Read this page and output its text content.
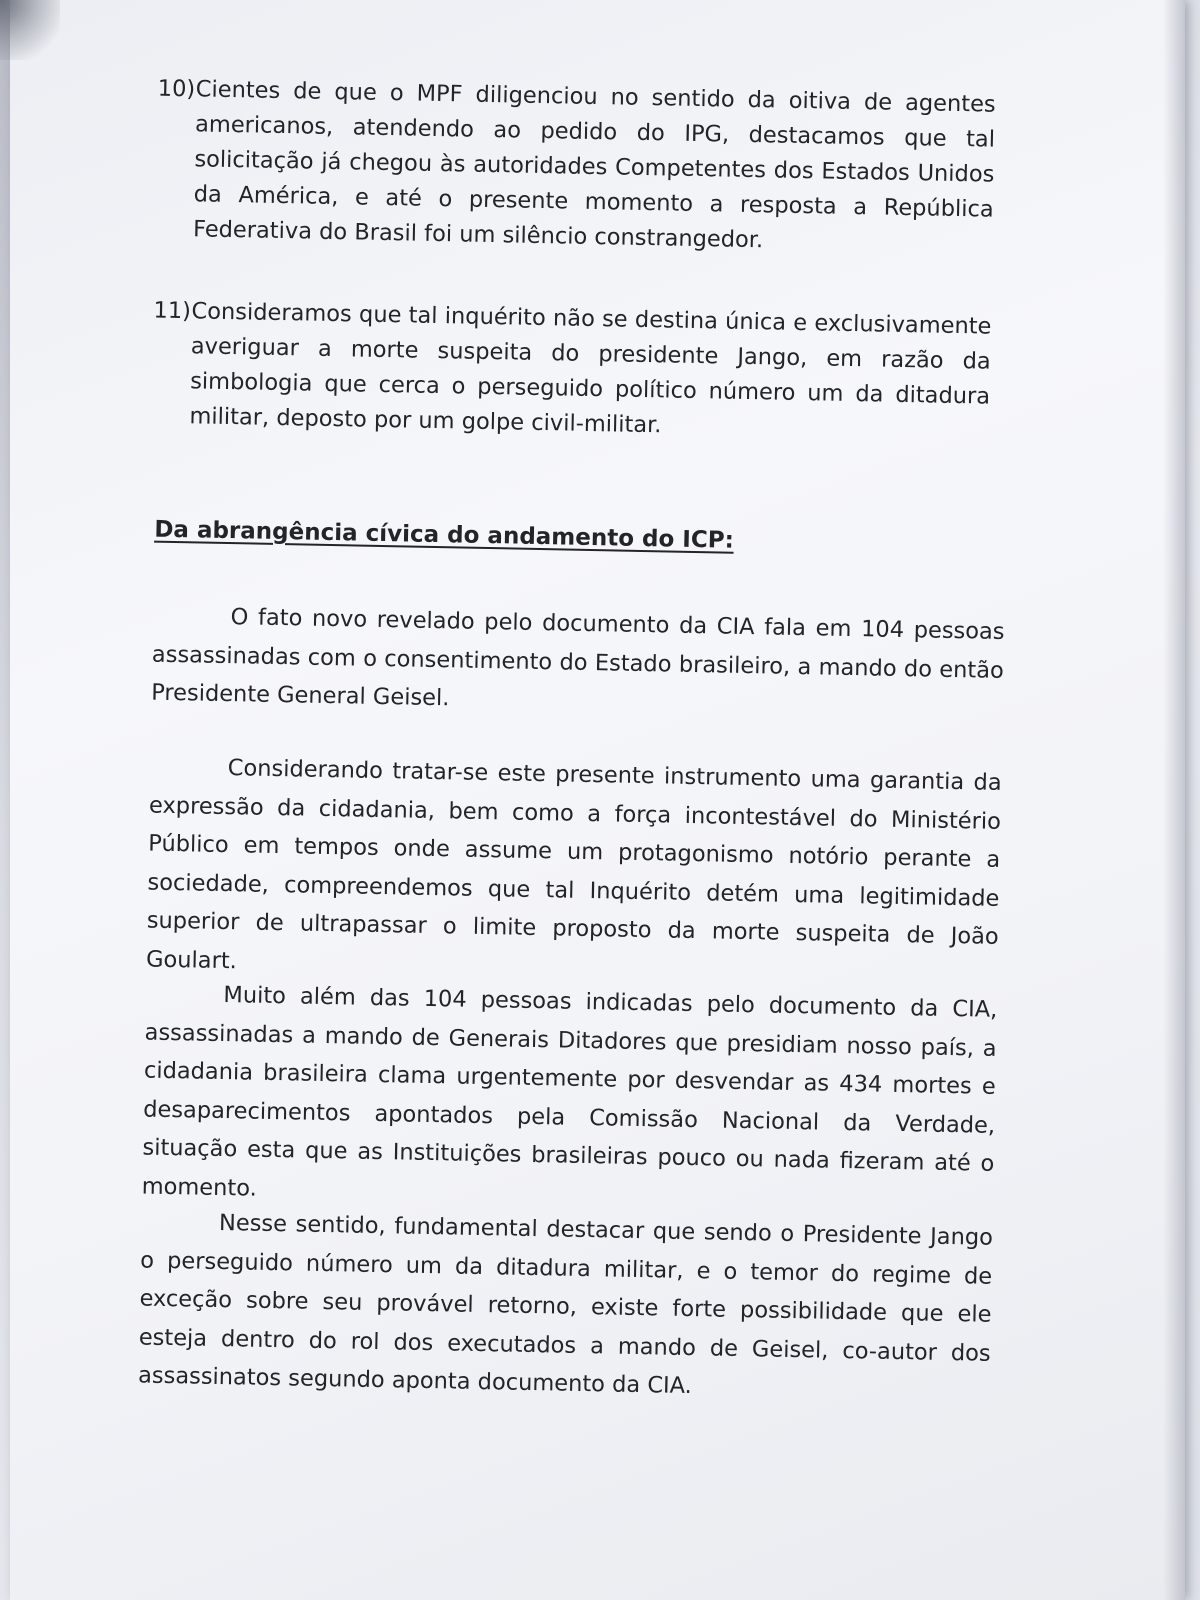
10) Cientes de que o MPF diligenciou no sentido da oitiva de agentes americanos, atendendo ao pedido do IPG, destacamos que tal solicitação já chegou às autoridades Competentes dos Estados Unidos da América, e até o presente momento a resposta a República Federativa do Brasil foi um silêncio constrangedor.
11) Consideramos que tal inquérito não se destina única e exclusivamente averiguar a morte suspeita do presidente Jango, em razão da simbologia que cerca o perseguido político número um da ditadura militar, deposto por um golpe civil-militar.
Da abrangência cívica do andamento do ICP:
O fato novo revelado pelo documento da CIA fala em 104 pessoas assassinadas com o consentimento do Estado brasileiro, a mando do então Presidente General Geisel.
Considerando tratar-se este presente instrumento uma garantia da expressão da cidadania, bem como a força incontestável do Ministério Público em tempos onde assume um protagonismo notório perante a sociedade, compreendemos que tal Inquérito detém uma legitimidade superior de ultrapassar o limite proposto da morte suspeita de João Goulart.
Muito além das 104 pessoas indicadas pelo documento da CIA, assassinadas a mando de Generais Ditadores que presidiam nosso país, a cidadania brasileira clama urgentemente por desvendar as 434 mortes e desaparecimentos apontados pela Comissão Nacional da Verdade, situação esta que as Instituições brasileiras pouco ou nada fizeram até o momento.
Nesse sentido, fundamental destacar que sendo o Presidente Jango o perseguido número um da ditadura militar, e o temor do regime de exceção sobre seu provável retorno, existe forte possibilidade que ele esteja dentro do rol dos executados a mando de Geisel, co-autor dos assassinatos segundo aponta documento da CIA.
